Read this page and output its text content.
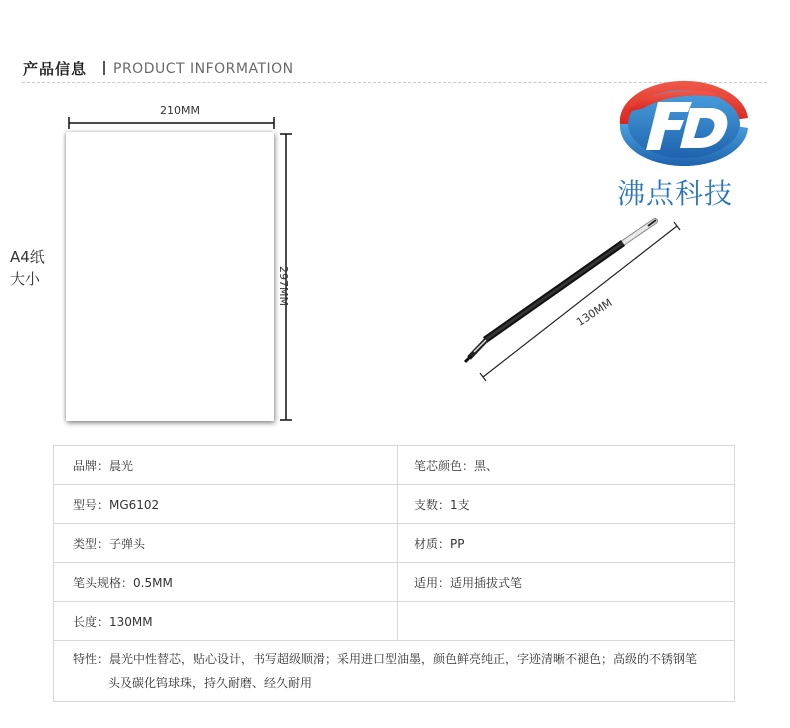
产品信息 PRODUCT INFORMATION
A4纸大小
210MM
297MM
沸点科技
130MM
品牌：晨光	笔芯颜色：黑、
型号：MG6102	支数：1支
类型：子弹头	材质：PP
笔头规格：0.5MM	适用：适用插拔式笔
长度：130MM	
特性：晨光中性替芯，贴心设计，书写超级顺滑；采用进口型油墨，颜色鲜亮纯正，字迹清晰不褪色；高级的不锈钢笔
头及碳化钨球珠，持久耐磨、经久耐用	
